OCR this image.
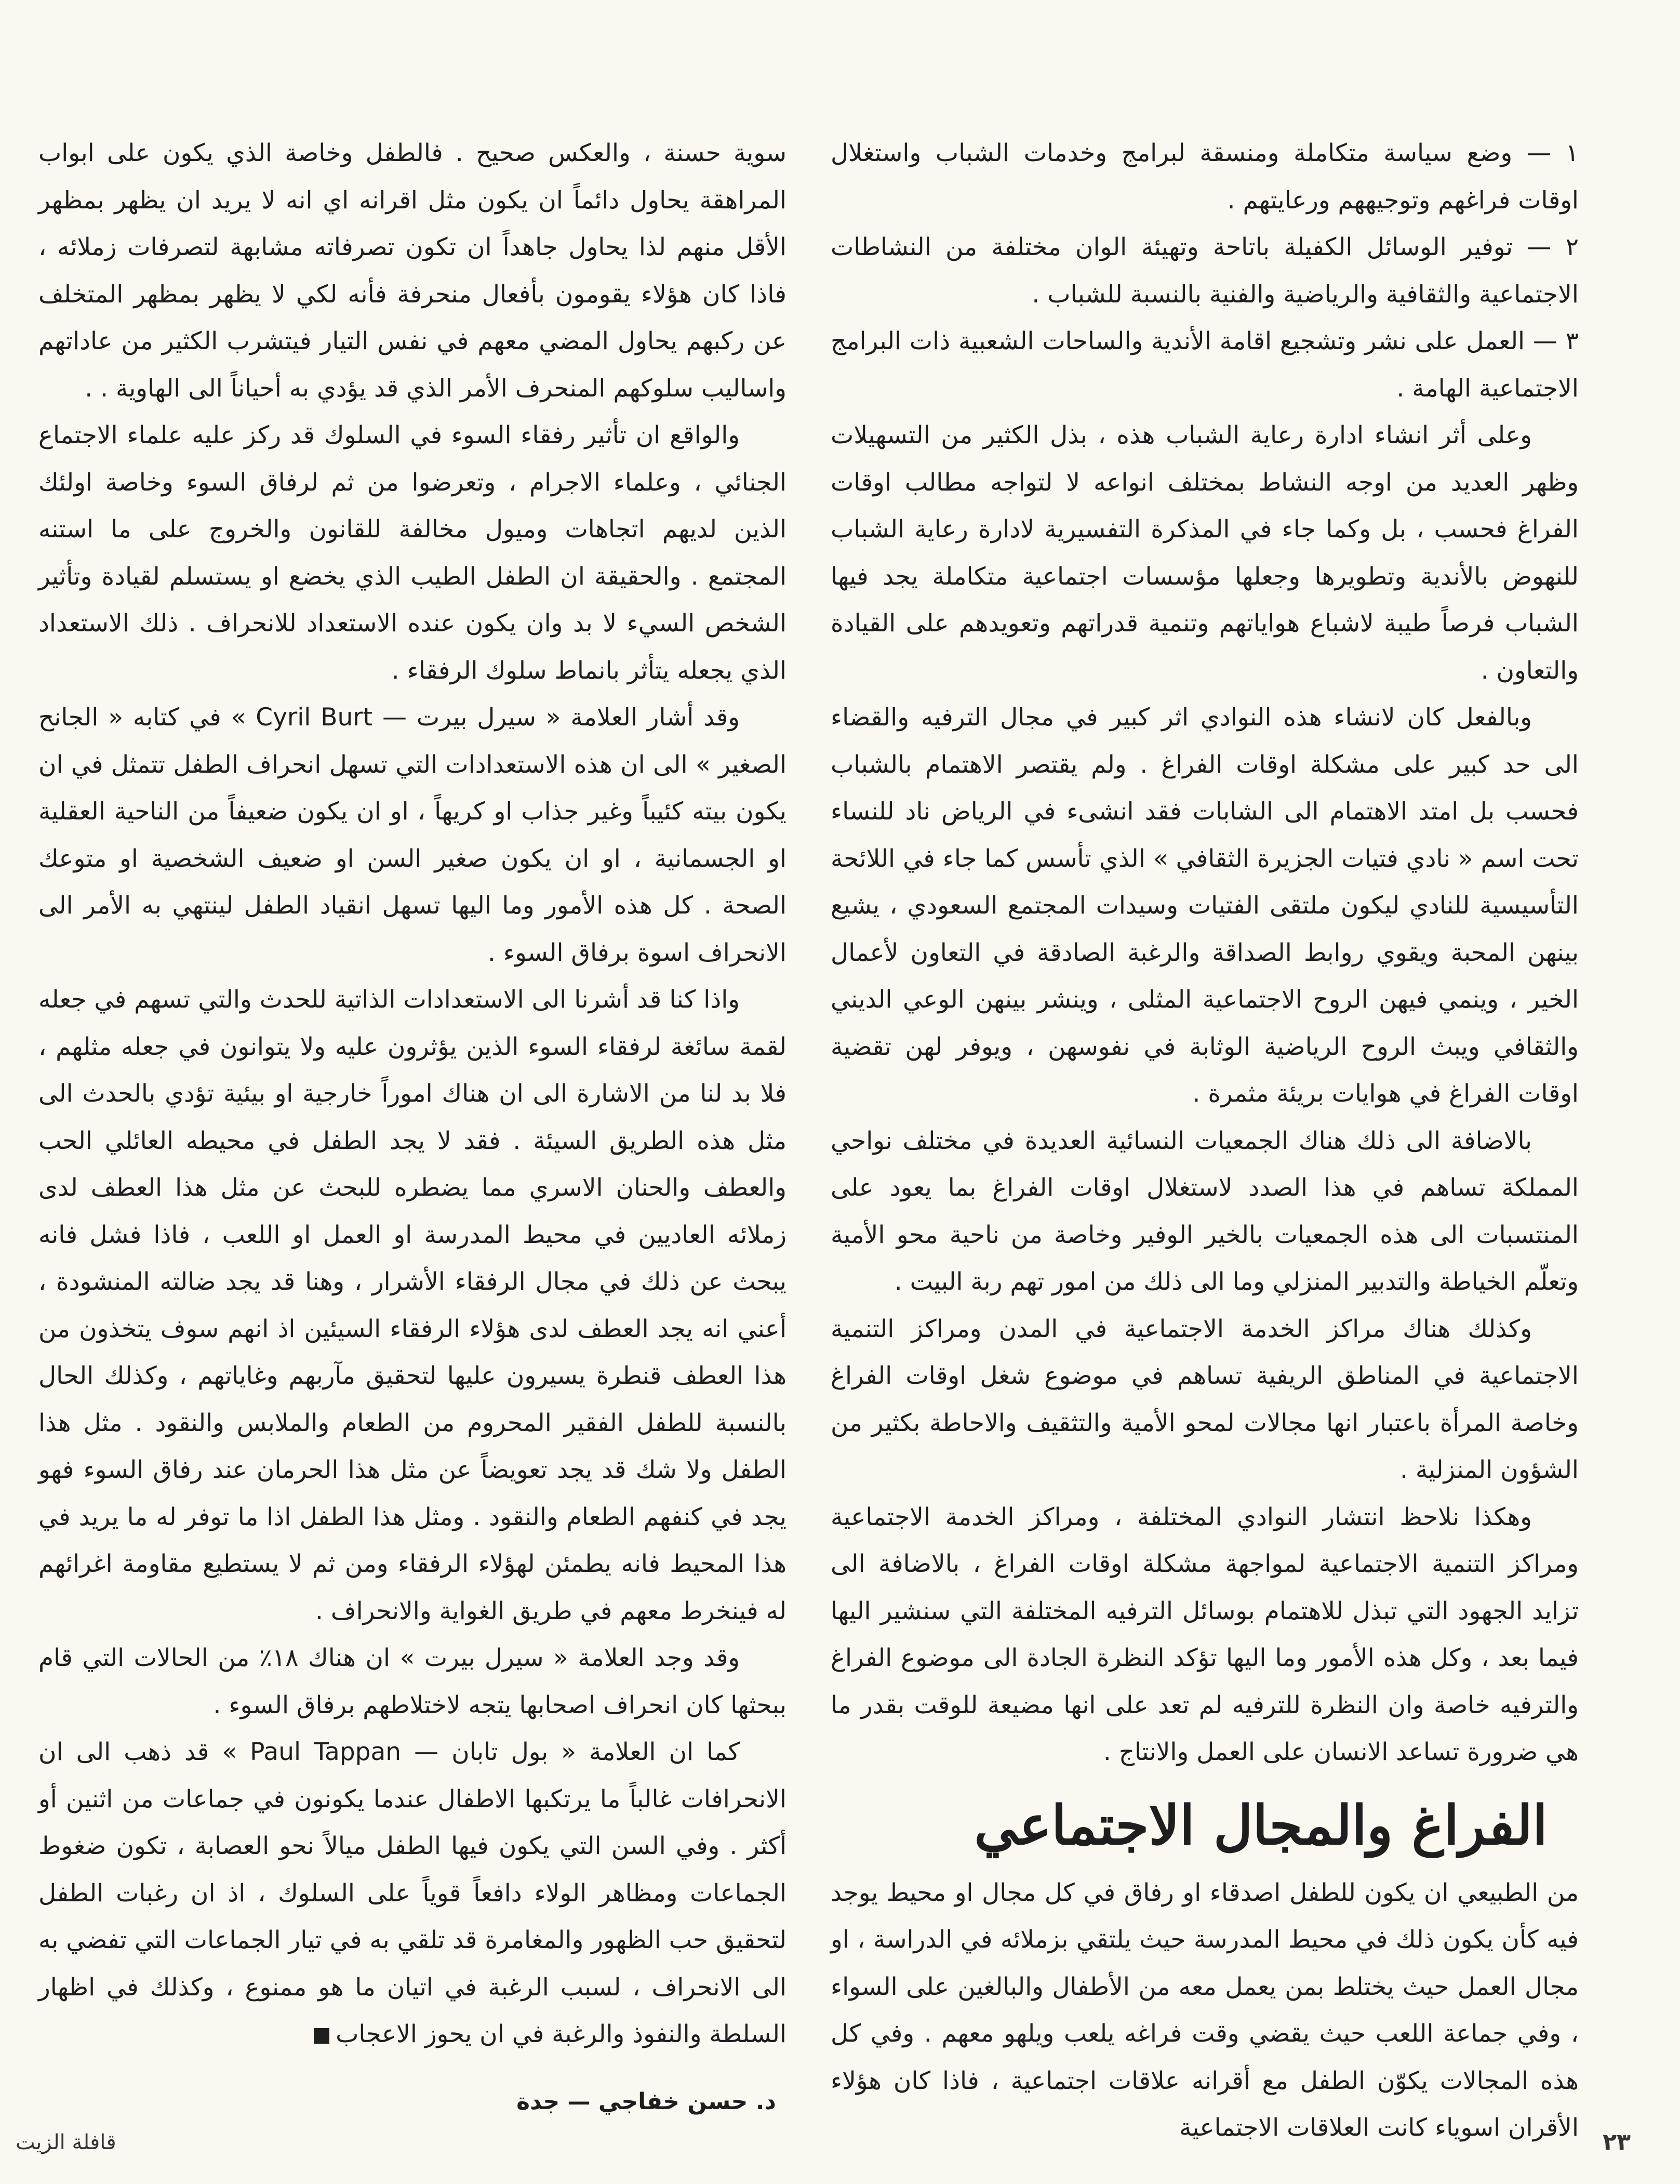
١ — وضع سياسة متكاملة ومنسقة لبرامج وخدمات الشباب واستغلال اوقات فراغهم وتوجيههم ورعايتهم .

٢ — توفير الوسائل الكفيلة باتاحة وتهيئة الوان مختلفة من النشاطات الاجتماعية والثقافية والرياضية والفنية بالنسبة للشباب .

٣ — العمل على نشر وتشجيع اقامة الأندية والساحات الشعبية ذات البرامج الاجتماعية الهامة .

وعلى أثر انشاء ادارة رعاية الشباب هذه ، بذل الكثير من التسهيلات وظهر العديد من اوجه النشاط بمختلف انواعه لا لتواجه مطالب اوقات الفراغ فحسب ، بل وكما جاء في المذكرة التفسيرية لادارة رعاية الشباب للنهوض بالأندية وتطويرها وجعلها مؤسسات اجتماعية متكاملة يجد فيها الشباب فرصاً طيبة لاشباع هواياتهم وتنمية قدراتهم وتعويدهم على القيادة والتعاون .

وبالفعل كان لانشاء هذه النوادي اثر كبير في مجال الترفيه والقضاء الى حد كبير على مشكلة اوقات الفراغ . ولم يقتصر الاهتمام بالشباب فحسب بل امتد الاهتمام الى الشابات فقد انشىء في الرياض ناد للنساء تحت اسم « نادي فتيات الجزيرة الثقافي » الذي تأسس كما جاء في اللائحة التأسيسية للنادي ليكون ملتقى الفتيات وسيدات المجتمع السعودي ، يشيع بينهن المحبة ويقوي روابط الصداقة والرغبة الصادقة في التعاون لأعمال الخير ، وينمي فيهن الروح الاجتماعية المثلى ، وينشر بينهن الوعي الديني والثقافي ويبث الروح الرياضية الوثابة في نفوسهن ، ويوفر لهن تقضية اوقات الفراغ في هوايات بريئة مثمرة .

بالاضافة الى ذلك هناك الجمعيات النسائية العديدة في مختلف نواحي المملكة تساهم في هذا الصدد لاستغلال اوقات الفراغ بما يعود على المنتسبات الى هذه الجمعيات بالخير الوفير وخاصة من ناحية محو الأمية وتعلّم الخياطة والتدبير المنزلي وما الى ذلك من امور تهم ربة البيت .

وكذلك هناك مراكز الخدمة الاجتماعية في المدن ومراكز التنمية الاجتماعية في المناطق الريفية تساهم في موضوع شغل اوقات الفراغ وخاصة المرأة باعتبار انها مجالات لمحو الأمية والتثقيف والاحاطة بكثير من الشؤون المنزلية .

وهكذا نلاحظ انتشار النوادي المختلفة ، ومراكز الخدمة الاجتماعية ومراكز التنمية الاجتماعية لمواجهة مشكلة اوقات الفراغ ، بالاضافة الى تزايد الجهود التي تبذل للاهتمام بوسائل الترفيه المختلفة التي سنشير اليها فيما بعد ، وكل هذه الأمور وما اليها تؤكد النظرة الجادة الى موضوع الفراغ والترفيه خاصة وان النظرة للترفيه لم تعد على انها مضيعة للوقت بقدر ما هي ضرورة تساعد الانسان على العمل والانتاج .

الفراغ والمجال الاجتماعي

من الطبيعي ان يكون للطفل اصدقاء او رفاق في كل مجال او محيط يوجد فيه كأن يكون ذلك في محيط المدرسة حيث يلتقي بزملائه في الدراسة ، او مجال العمل حيث يختلط بمن يعمل معه من الأطفال والبالغين على السواء ، وفي جماعة اللعب حيث يقضي وقت فراغه يلعب ويلهو معهم . وفي كل هذه المجالات يكوّن الطفل مع أقرانه علاقات اجتماعية ، فاذا كان هؤلاء الأقران اسوياء كانت العلاقات الاجتماعية

سوية حسنة ، والعكس صحيح . فالطفل وخاصة الذي يكون على ابواب المراهقة يحاول دائماً ان يكون مثل اقرانه اي انه لا يريد ان يظهر بمظهر الأقل منهم لذا يحاول جاهداً ان تكون تصرفاته مشابهة لتصرفات زملائه ، فاذا كان هؤلاء يقومون بأفعال منحرفة فأنه لكي لا يظهر بمظهر المتخلف عن ركبهم يحاول المضي معهم في نفس التيار فيتشرب الكثير من عاداتهم واساليب سلوكهم المنحرف الأمر الذي قد يؤدي به أحياناً الى الهاوية . .

والواقع ان تأثير رفقاء السوء في السلوك قد ركز عليه علماء الاجتماع الجنائي ، وعلماء الاجرام ، وتعرضوا من ثم لرفاق السوء وخاصة اولئك الذين لديهم اتجاهات وميول مخالفة للقانون والخروج على ما استنه المجتمع . والحقيقة ان الطفل الطيب الذي يخضع او يستسلم لقيادة وتأثير الشخص السيء لا بد وان يكون عنده الاستعداد للانحراف . ذلك الاستعداد الذي يجعله يتأثر بانماط سلوك الرفقاء .

وقد أشار العلامة « سيرل بيرت — Cyril Burt » في كتابه « الجانح الصغير » الى ان هذه الاستعدادات التي تسهل انحراف الطفل تتمثل في ان يكون بيته كئيباً وغير جذاب او كريهاً ، او ان يكون ضعيفاً من الناحية العقلية او الجسمانية ، او ان يكون صغير السن او ضعيف الشخصية او متوعك الصحة . كل هذه الأمور وما اليها تسهل انقياد الطفل لينتهي به الأمر الى الانحراف اسوة برفاق السوء .

واذا كنا قد أشرنا الى الاستعدادات الذاتية للحدث والتي تسهم في جعله لقمة سائغة لرفقاء السوء الذين يؤثرون عليه ولا يتوانون في جعله مثلهم ، فلا بد لنا من الاشارة الى ان هناك اموراً خارجية او بيئية تؤدي بالحدث الى مثل هذه الطريق السيئة . فقد لا يجد الطفل في محيطه العائلي الحب والعطف والحنان الاسري مما يضطره للبحث عن مثل هذا العطف لدى زملائه العاديين في محيط المدرسة او العمل او اللعب ، فاذا فشل فانه يبحث عن ذلك في مجال الرفقاء الأشرار ، وهنا قد يجد ضالته المنشودة ، أعني انه يجد العطف لدى هؤلاء الرفقاء السيئين اذ انهم سوف يتخذون من هذا العطف قنطرة يسيرون عليها لتحقيق مآربهم وغاياتهم ، وكذلك الحال بالنسبة للطفل الفقير المحروم من الطعام والملابس والنقود . مثل هذا الطفل ولا شك قد يجد تعويضاً عن مثل هذا الحرمان عند رفاق السوء فهو يجد في كنفهم الطعام والنقود . ومثل هذا الطفل اذا ما توفر له ما يريد في هذا المحيط فانه يطمئن لهؤلاء الرفقاء ومن ثم لا يستطيع مقاومة اغرائهم له فينخرط معهم في طريق الغواية والانحراف .

وقد وجد العلامة « سيرل بيرت » ان هناك ١٨٪ من الحالات التي قام ببحثها كان انحراف اصحابها يتجه لاختلاطهم برفاق السوء .

كما ان العلامة « بول تابان — Paul Tappan » قد ذهب الى ان الانحرافات غالباً ما يرتكبها الاطفال عندما يكونون في جماعات من اثنين أو أكثر . وفي السن التي يكون فيها الطفل ميالاً نحو العصابة ، تكون ضغوط الجماعات ومظاهر الولاء دافعاً قوياً على السلوك ، اذ ان رغبات الطفل لتحقيق حب الظهور والمغامرة قد تلقي به في تيار الجماعات التي تفضي به الى الانحراف ، لسبب الرغبة في اتيان ما هو ممنوع ، وكذلك في اظهار السلطة والنفوذ والرغبة في ان يحوز الاعجاب

د. حسن خفاجي — جدة
قافلة الزيت	٢٣
